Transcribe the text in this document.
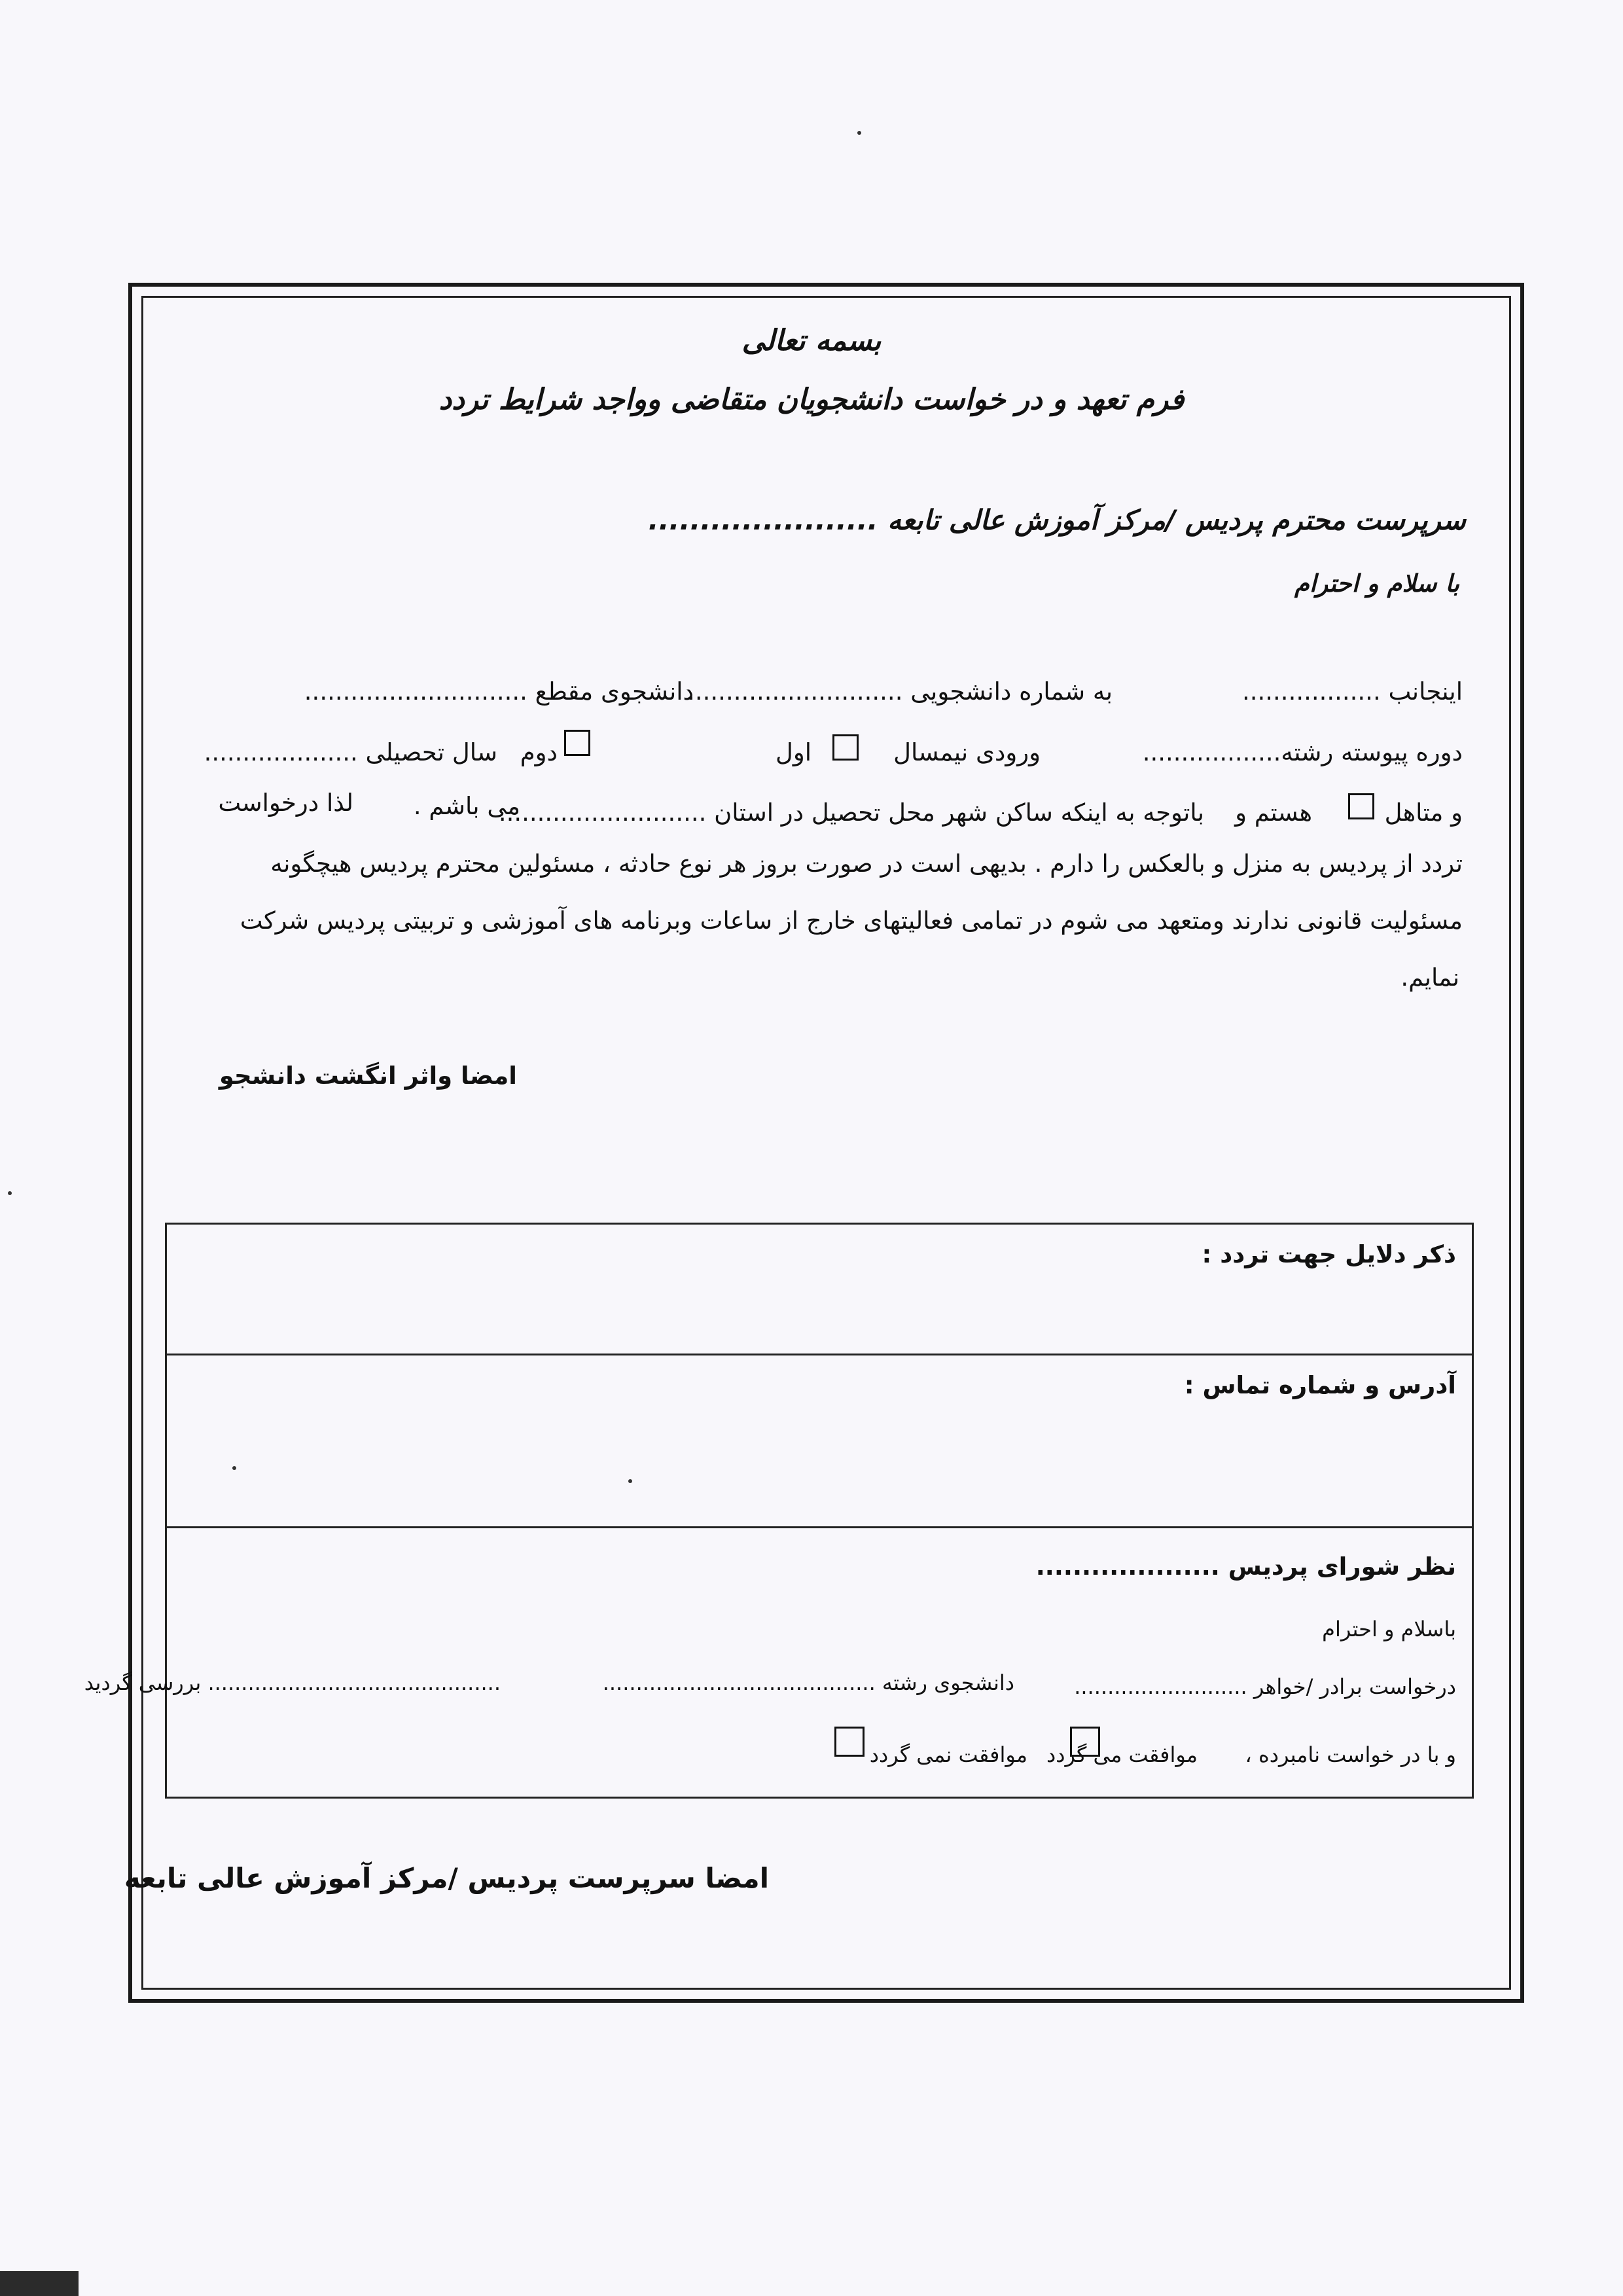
بسمه تعالی
فرم تعهد و در خواست دانشجویان متقاضی وواجد شرایط تردد
سرپرست محترم پردیس /مرکز آموزش عالی تابعه ......................
با سلام و احترام
اینجانب ..................
به شماره دانشجویی ............................
دانشجوی مقطع .............................
دوره پیوسته رشته..................
ورودی نیمسال
اول
دوم
سال تحصیلی ....................
و متاهل
هستم و
باتوجه به اینکه ساکن شهر محل تحصیل در استان ...........................
می باشم .
لذا درخواست
تردد از پردیس به منزل و بالعکس را دارم . بدیهی است در صورت بروز هر نوع حادثه ، مسئولین محترم پردیس هیچگونه
مسئولیت قانونی ندارند ومتعهد می شوم در تمامی فعالیتهای خارج از ساعات وبرنامه های آموزشی و تربیتی پردیس شرکت
نمایم.
امضا واثر انگشت دانشجو
ذکر دلایل جهت تردد :
آدرس و شماره تماس :
نظر شورای پردیس ....................
باسلام و احترام
درخواست برادر /خواهر ..........................
دانشجوی رشته .........................................
............................................ بررسی گردید
و با در خواست نامبرده ،
موافقت می گردد
موافقت نمی گردد
امضا سرپرست پردیس /مرکز آموزش عالی تابعه
